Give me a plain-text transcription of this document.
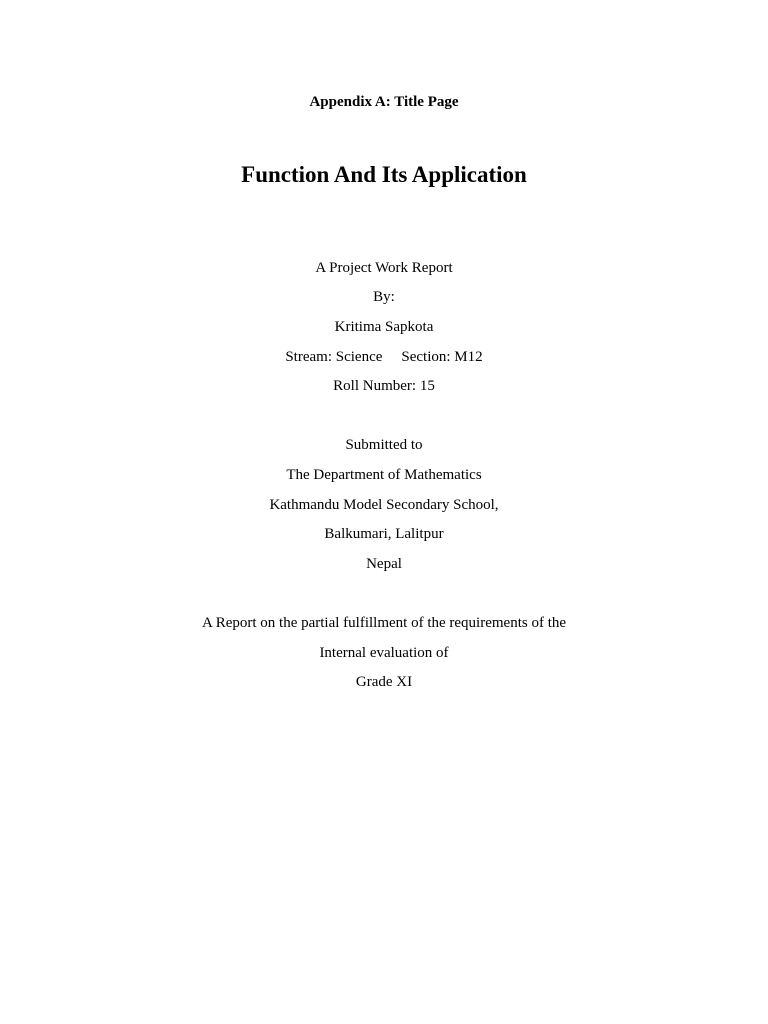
Appendix A: Title Page
Function And Its Application
A Project Work Report
By:
Kritima Sapkota
Stream: Science Section: M12
Roll Number: 15
Submitted to
The Department of Mathematics
Kathmandu Model Secondary School,
Balkumari, Lalitpur
Nepal
A Report on the partial fulfillment of the requirements of the
Internal evaluation of
Grade XI
